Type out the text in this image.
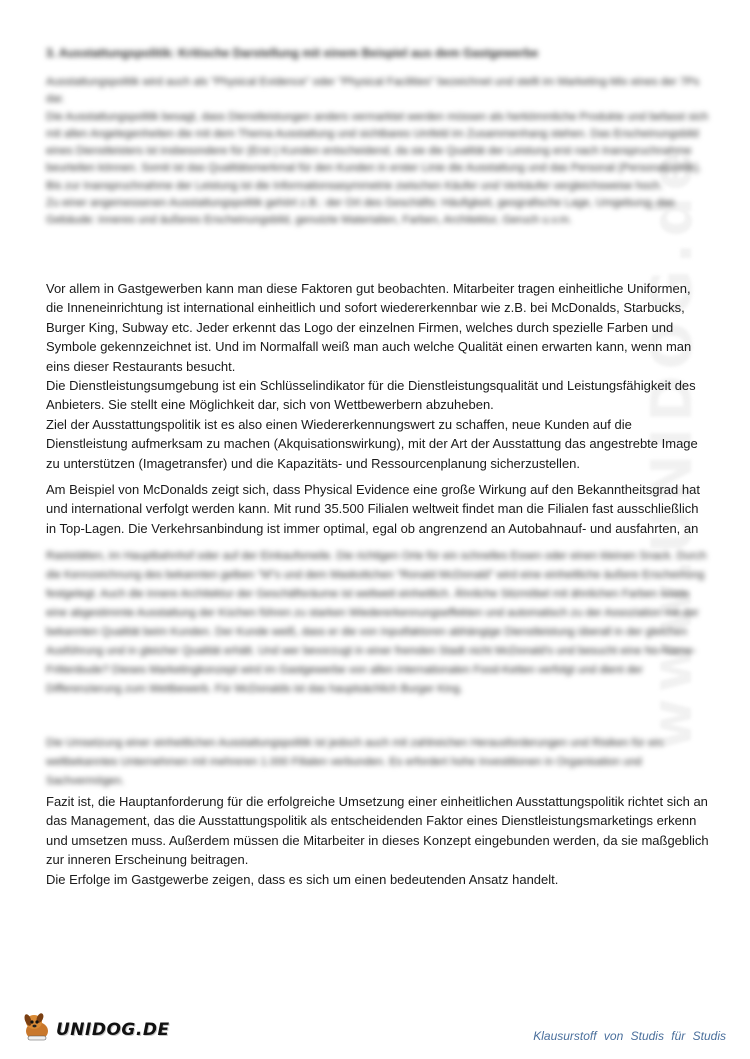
www.UNIDOG.de
3. Ausstattungspolitik: Kritische Darstellung mit einem Beispiel aus dem Gastgewerbe

Ausstattungspolitik wird auch als "Physical Evidence" oder "Physical Facilities" bezeichnet und stellt im Marketing-Mix eines der 7Ps dar.

Die Ausstattungspolitik besagt, dass Dienstleistungen anders vermarktet werden müssen als herkömmliche Produkte und befasst sich mit allen Angelegenheiten die mit dem Thema Ausstattung und sichtbares Umfeld im Zusammenhang stehen. Das Erscheinungsbild eines Dienstleisters ist insbesondere für (Erst-) Kunden entscheidend, da sie die Qualität der Leistung erst nach Inanspruchnahme beurteilen können. Somit ist das Qualitätsmerkmal für den Kunden in erster Linie die Ausstattung und das Personal (Personalpolitik). Bis zur Inanspruchnahme der Leistung ist die Informationsasymmetrie zwischen Käufer und Verkäufer vergleichsweise hoch.

Zu einer angemessenen Ausstattungspolitik gehört z.B.: der Ort des Geschäfts: Häufigkeit, geografische Lage, Umgebung; das Gebäude: inneres und äußeres Erscheinungsbild, genutzte Materialien, Farben, Architektur, Geruch u.v.m.

Vor allem in Gastgewerben kann man diese Faktoren gut beobachten. Mitarbeiter tragen einheitliche Uniformen, die Inneneinrichtung ist international einheitlich und sofort wiedererkennbar wie z.B. bei McDonalds, Starbucks, Burger King, Subway etc. Jeder erkennt das Logo der einzelnen Firmen, welches durch spezielle Farben und Symbole gekennzeichnet ist. Und im Normalfall weiß man auch welche Qualität einen erwarten kann, wenn man eins dieser Restaurants besucht.

Die Dienstleistungsumgebung ist ein Schlüsselindikator für die Dienstleistungsqualität und Leistungsfähigkeit des Anbieters. Sie stellt eine Möglichkeit dar, sich von Wettbewerbern abzuheben.

Ziel der Ausstattungspolitik ist es also einen Wiedererkennungswert zu schaffen, neue Kunden auf die Dienstleistung aufmerksam zu machen (Akquisationswirkung), mit der Art der Ausstattung das angestrebte Image zu unterstützen (Imagetransfer) und die Kapazitäts- und Ressourcenplanung sicherzustellen.

Am Beispiel von McDonalds zeigt sich, dass Physical Evidence eine große Wirkung auf den Bekanntheitsgrad hat und international verfolgt werden kann. Mit rund 35.500 Filialen weltweit findet man die Filialen fast ausschließlich in Top-Lagen. Die Verkehrsanbindung ist immer optimal, egal ob angrenzend an Autobahnauf- und ausfahrten, an

Raststätten, im Hauptbahnhof oder auf der Einkaufsmeile. Die richtigen Orte für ein schnelles Essen oder einen kleinen Snack. Durch die Kennzeichnung des bekannten gelben "M"s und dem Maskottchen "Ronald McDonald" wird eine einheitliche äußere Erscheinung festgelegt. Auch die innere Architektur der Geschäftsräume ist weltweit einheitlich. Ähnliche Sitzmöbel mit ähnlichen Farben sowie eine abgestimmte Ausstattung der Küchen führen zu starken Wiedererkennungseffekten und automatisch zu der Assoziation mit der bekannten Qualität beim Kunden. Der Kunde weiß, dass er die von Inputfaktoren abhängige Dienstleistung überall in der gleichen Ausführung und in gleicher Qualität erhält. Und wer bevorzugt in einer fremden Stadt nicht McDonald's und besucht eine No-Name-Frittenbude? Dieses Marketingkonzept wird im Gastgewerbe von allen internationalen Food-Ketten verfolgt und dient der Differenzierung zum Wettbewerb. Für McDonalds ist das hauptsächlich Burger King.

Die Umsetzung einer einheitlichen Ausstattungspolitik ist jedoch auch mit zahlreichen Herausforderungen und Risiken für ein weltbekanntes Unternehmen mit mehreren 1.000 Filialen verbunden. Es erfordert hohe Investitionen in Organisation und Sachvermögen.

Fazit ist, die Hauptanforderung für die erfolgreiche Umsetzung einer einheitlichen Ausstattungspolitik richtet sich an das Management, das die Ausstattungspolitik als entscheidenden Faktor eines Dienstleistungsmarketings erkenn und umsetzen muss. Außerdem müssen die Mitarbeiter in dieses Konzept eingebunden werden, da sie maßgeblich zur inneren Erscheinung beitragen.

Die Erfolge im Gastgewerbe zeigen, dass es sich um einen bedeutenden Ansatz handelt.

UNIDOG.DE	Klausurstoff von Studis für Studis
